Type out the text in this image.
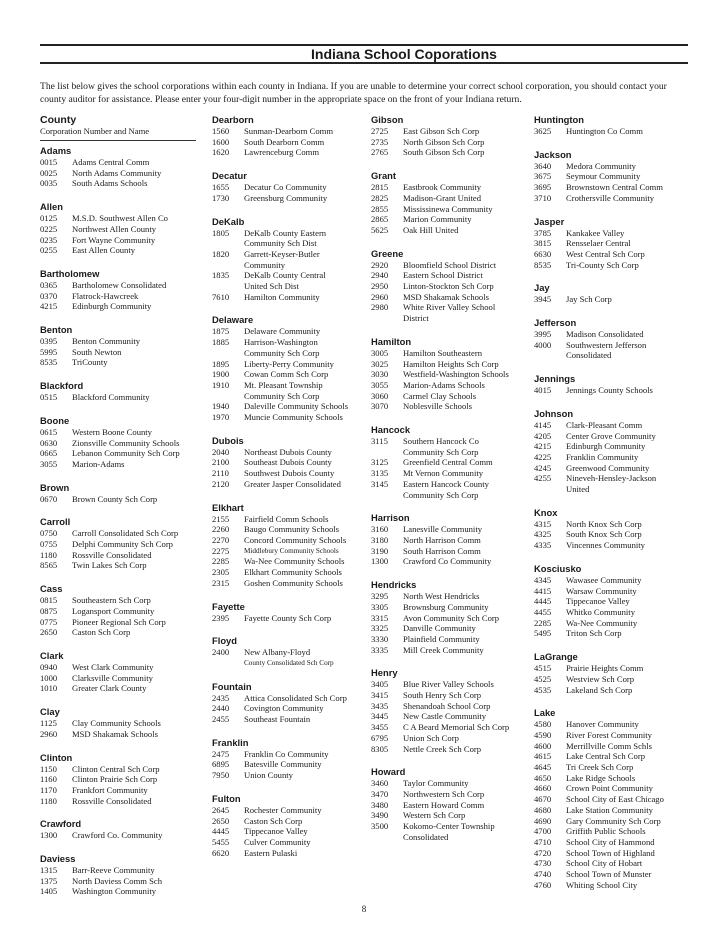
Indiana School Coporations
The list below gives the school corporations within each county in Indiana. If you are unable to determine your correct school corporation, you should contact your county auditor for assistance. Please enter your four-digit number in the appropriate space on the front of your Indiana return.
County
Corporation Number and Name
Adams
0015	Adams Central Comm
0025	North Adams Community
0035	South Adams Schools
Allen
0125	M.S.D. Southwest Allen Co
0225	Northwest Allen County
0235	Fort Wayne Community
0255	East Allen County
Bartholomew
0365	Bartholomew Consolidated
0370	Flatrock-Hawcreek
4215	Edinburgh Community
Benton
0395	Benton Community
5995	South Newton
8535	TriCounty
Blackford
0515	Blackford Community
Boone
0615	Western Boone County
0630	Zionsville Community Schools
0665	Lebanon Community Sch Corp
3055	Marion-Adams
Brown
0670	Brown County Sch Corp
Carroll
0750	Carroll Consolidated Sch Corp
0755	Delphi Community Sch Corp
1180	Rossville Consolidated
8565	Twin Lakes Sch Corp
Cass
0815	Southeastern Sch Corp
0875	Logansport Community
0775	Pioneer Regional Sch Corp
2650	Caston Sch Corp
Clark
0940	West Clark Community
1000	Clarksville Community
1010	Greater Clark County
Clay
1125	Clay Community Schools
2960	MSD Shakamak Schools
Clinton
1150	Clinton Central Sch Corp
1160	Clinton Prairie Sch Corp
1170	Frankfort Community
1180	Rossville Consolidated
Crawford
1300	Crawford Co. Community
Daviess
1315	Barr-Reeve Community
1375	North Daviess Comm Sch
1405	Washington Community
Dearborn
1560	Sunman-Dearborn Comm
1600	South Dearborn Comm
1620	Lawrenceburg Comm
Decatur
1655	Decatur Co Community
1730	Greensburg Community
DeKalb
1805	DeKalb County Eastern
Community Sch Dist
1820	Garrett-Keyser-Butler
Community
1835	DeKalb County Central
United Sch Dist
7610	Hamilton Community
Delaware
1875	Delaware Community
1885	Harrison-Washington
Community Sch Corp
1895	Liberty-Perry Community
1900	Cowan Comm Sch Corp
1910	Mt. Pleasant Township
Community Sch Corp
1940	Daleville Community Schools
1970	Muncie Community Schools
Dubois
2040	Northeast Dubois County
2100	Southeast Dubois County
2110	Southwest Dubois County
2120	Greater Jasper Consolidated
Elkhart
2155	Fairfield Comm Schools
2260	Baugo Community Schools
2270	Concord Community Schools
2275	Middlebury Community Schools
2285	Wa-Nee Community Schools
2305	Elkhart Community Schools
2315	Goshen Community Schools
Fayette
2395	Fayette County Sch Corp
Floyd
2400	New Albany-Floyd
County Consolidated Sch Corp
Fountain
2435	Attica Consolidated Sch Corp
2440	Covington Community
2455	Southeast Fountain
Franklin
2475	Franklin Co Community
6895	Batesville Community
7950	Union County
Fulton
2645	Rochester Community
2650	Caston Sch Corp
4445	Tippecanoe Valley
5455	Culver Community
6620	Eastern Pulaski
Gibson
2725	East Gibson Sch Corp
2735	North Gibson Sch Corp
2765	South Gibson Sch Corp
Grant
2815	Eastbrook Community
2825	Madison-Grant United
2855	Mississinewa Community
2865	Marion Community
5625	Oak Hill United
Greene
2920	Bloomfield School District
2940	Eastern School District
2950	Linton-Stockton Sch Corp
2960	MSD Shakamak Schools
2980	White River Valley School
District
Hamilton
3005	Hamilton Southeastern
3025	Hamilton Heights Sch Corp
3030	Westfield-Washington Schools
3055	Marion-Adams Schools
3060	Carmel Clay Schools
3070	Noblesville Schools
Hancock
3115	Southern Hancock Co
Community Sch Corp
3125	Greenfield Central Comm
3135	Mt Vernon Community
3145	Eastern Hancock County
Community Sch Corp
Harrison
3160	Lanesville Community
3180	North Harrison Comm
3190	South Harrison Comm
1300	Crawford Co Community
Hendricks
3295	North West Hendricks
3305	Brownsburg Community
3315	Avon Community Sch Corp
3325	Danville Community
3330	Plainfield Community
3335	Mill Creek Community
Henry
3405	Blue River Valley Schools
3415	South Henry Sch Corp
3435	Shenandoah School Corp
3445	New Castle Community
3455	C A Beard Memorial Sch Corp
6795	Union Sch Corp
8305	Nettle Creek Sch Corp
Howard
3460	Taylor Community
3470	Northwestern Sch Corp
3480	Eastern Howard Comm
3490	Western Sch Corp
3500	Kokomo-Center Township
Consolidated
Huntington
3625	Huntington Co Comm
Jackson
3640	Medora Community
3675	Seymour Community
3695	Brownstown Central Comm
3710	Crothersville Community
Jasper
3785	Kankakee Valley
3815	Rensselaer Central
6630	West Central Sch Corp
8535	Tri-County Sch Corp
Jay
3945	Jay Sch Corp
Jefferson
3995	Madison Consolidated
4000	Southwestern Jefferson
Consolidated
Jennings
4015	Jennings County Schools
Johnson
4145	Clark-Pleasant Comm
4205	Center Grove Community
4215	Edinburgh Community
4225	Franklin Community
4245	Greenwood Community
4255	Nineveh-Hensley-Jackson
United
Knox
4315	North Knox Sch Corp
4325	South Knox Sch Corp
4335	Vincennes Community
Kosciusko
4345	Wawasee Community
4415	Warsaw Community
4445	Tippecanoe Valley
4455	Whitko Community
2285	Wa-Nee Community
5495	Triton Sch Corp
LaGrange
4515	Prairie Heights Comm
4525	Westview Sch Corp
4535	Lakeland Sch Corp
Lake
4580	Hanover Community
4590	River Forest Community
4600	Merrillville Comm Schls
4615	Lake Central Sch Corp
4645	Tri Creek Sch Corp
4650	Lake Ridge Schools
4660	Crown Point Community
4670	School City of East Chicago
4680	Lake Station Community
4690	Gary Community Sch Corp
4700	Griffith Public Schools
4710	School City of Hammond
4720	School Town of Highland
4730	School City of Hobart
4740	School Town of Munster
4760	Whiting School City
8
